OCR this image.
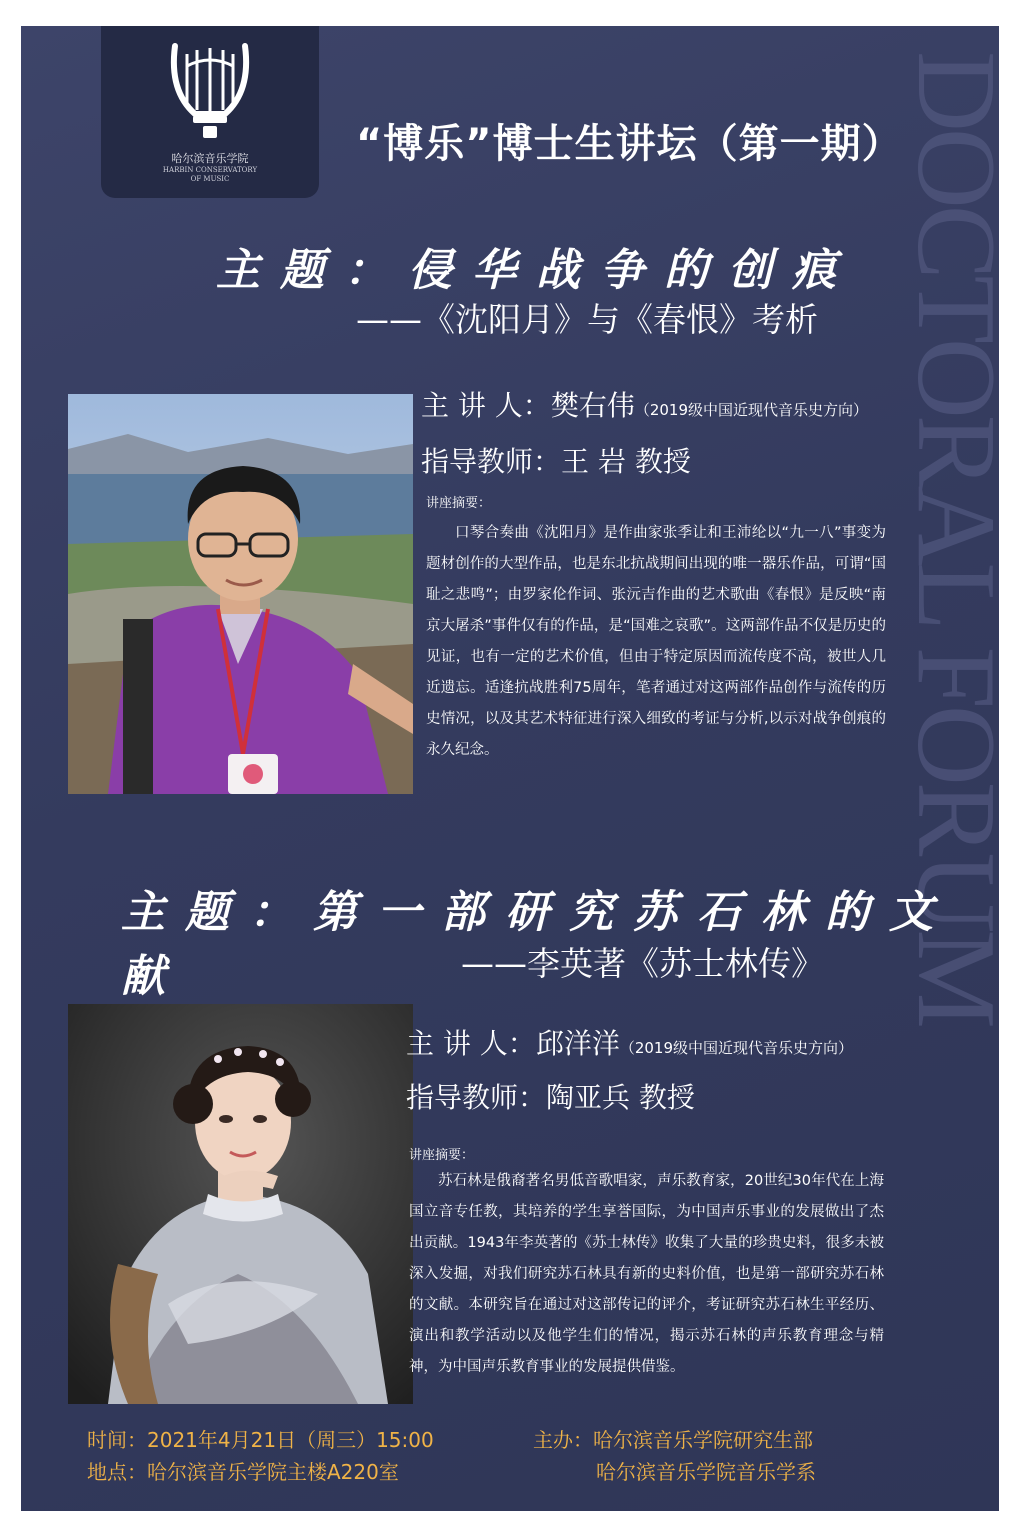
DOCTORAL FORUM
哈尔滨音乐学院
HARBIN CONSERVATORY
OF MUSIC
“博乐”博士生讲坛（第一期）
主题：侵华战争的创痕
——《沈阳月》与《春恨》考析
主 讲 人：樊右伟（2019级中国近现代音乐史方向）
指导教师：王 岩 教授
讲座摘要：
口琴合奏曲《沈阳月》是作曲家张季让和王沛纶以“九一八”事变为题材创作的大型作品，也是东北抗战期间出现的唯一器乐作品，可谓“国耻之悲鸣”；由罗家伦作词、张沅吉作曲的艺术歌曲《春恨》是反映“南京大屠杀”事件仅有的作品，是“国难之哀歌”。这两部作品不仅是历史的见证，也有一定的艺术价值，但由于特定原因而流传度不高，被世人几近遗忘。适逢抗战胜利75周年，笔者通过对这两部作品创作与流传的历史情况，以及其艺术特征进行深入细致的考证与分析,以示对战争创痕的永久纪念。
主题：第一部研究苏石林的文献	——李英著《苏士林传》
主 讲 人：邱洋洋（2019级中国近现代音乐史方向）
指导教师：陶亚兵 教授
讲座摘要：
苏石林是俄裔著名男低音歌唱家，声乐教育家，20世纪30年代在上海国立音专任教，其培养的学生享誉国际，为中国声乐事业的发展做出了杰出贡献。1943年李英著的《苏士林传》收集了大量的珍贵史料，很多未被深入发掘，对我们研究苏石林具有新的史料价值，也是第一部研究苏石林的文献。本研究旨在通过对这部传记的评介，考证研究苏石林生平经历、演出和教学活动以及他学生们的情况，揭示苏石林的声乐教育理念与精神，为中国声乐教育事业的发展提供借鉴。
时间：2021年4月21日（周三）15:00
地点：哈尔滨音乐学院主楼A220室
主办：哈尔滨音乐学院研究生部
哈尔滨音乐学院音乐学系
